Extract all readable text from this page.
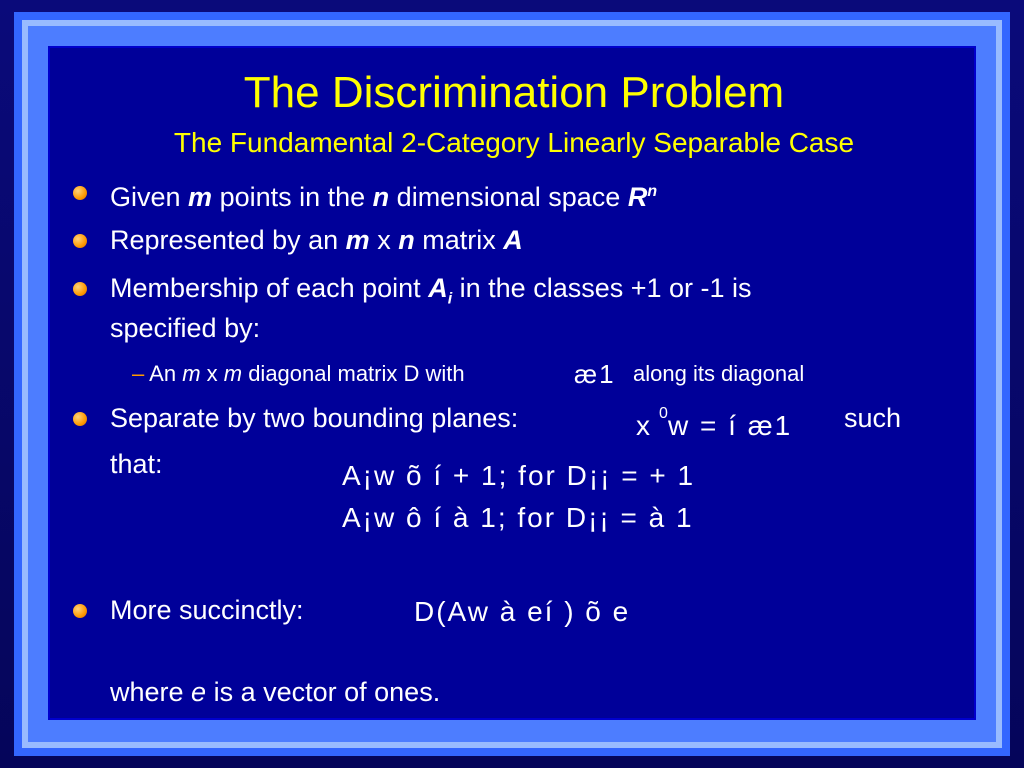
The Discrimination Problem
The Fundamental 2-Category Linearly Separable Case
Given m points in the n dimensional space $R^n$
Represented by an m x n matrix A
Membership of each point $A_i$ in the classes +1 or -1 is
specified by:
– An m x m diagonal matrix D with	æ1 along its diagonal
Separate by two bounding planes:	x 0
w = í æ1 such
that:	A¡w õ í + 1; for D¡¡ = + 1
A¡w ô í à 1; for D¡¡ = à 1
More succinctly:	D(Aw à eí ) õ e
where e is a vector of ones.
